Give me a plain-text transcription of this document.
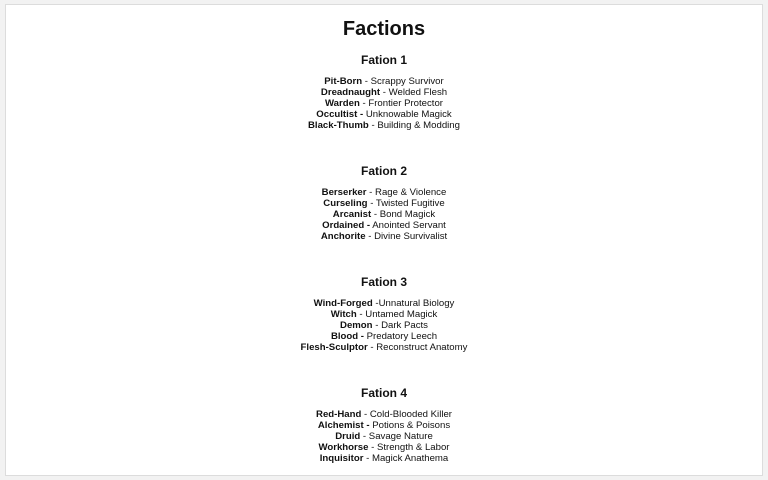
Factions
Fation 1
Pit-Born - Scrappy Survivor
Dreadnaught - Welded Flesh
Warden - Frontier Protector
Occultist - Unknowable Magick
Black-Thumb - Building & Modding
Fation 2
Berserker - Rage & Violence
Curseling - Twisted Fugitive
Arcanist - Bond Magick
Ordained - Anointed Servant
Anchorite - Divine Survivalist
Fation 3
Wind-Forged -Unnatural Biology
Witch - Untamed Magick
Demon - Dark Pacts
Blood - Predatory Leech
Flesh-Sculptor - Reconstruct Anatomy
Fation 4
Red-Hand - Cold-Blooded Killer
Alchemist - Potions & Poisons
Druid - Savage Nature
Workhorse - Strength & Labor
Inquisitor - Magick Anathema
